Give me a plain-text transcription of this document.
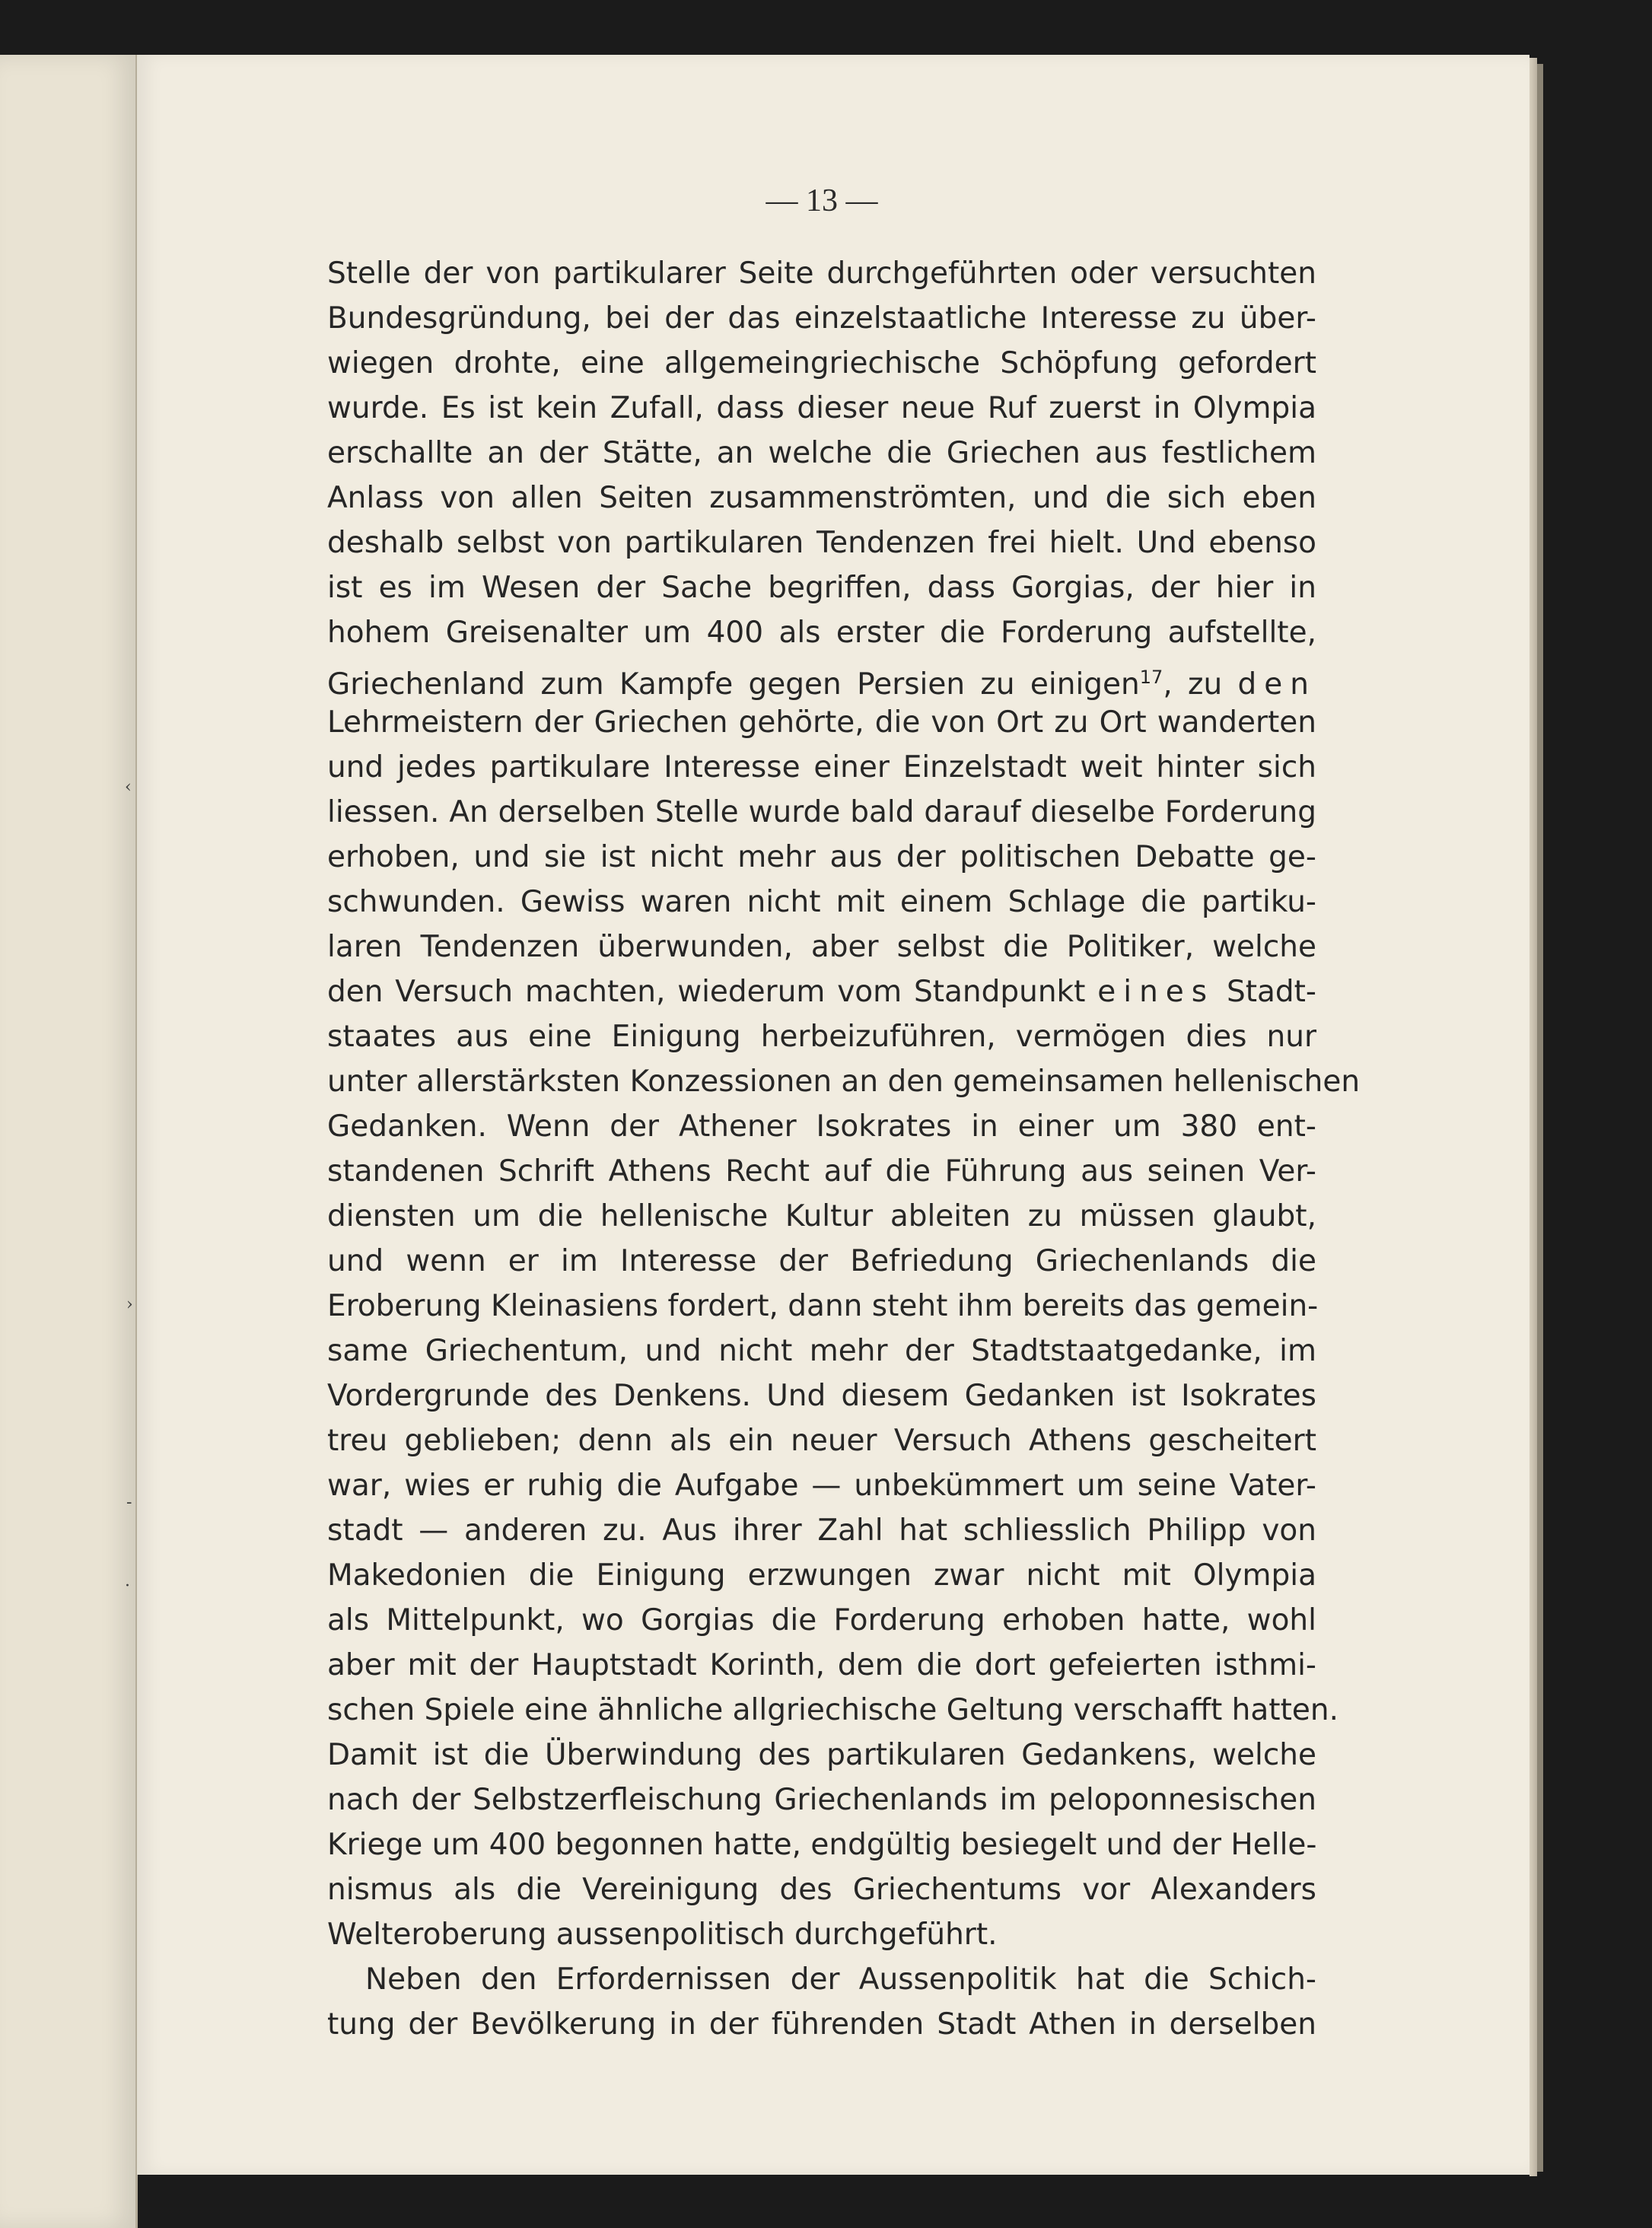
‹
›
-
·
— 13 —
Stelle der von partikularer Seite durchgeführten oder versuchten
Bundesgründung, bei der das einzelstaatliche Interesse zu über-
wiegen drohte, eine allgemeingriechische Schöpfung gefordert
wurde. Es ist kein Zufall, dass dieser neue Ruf zuerst in Olympia
erschallte an der Stätte, an welche die Griechen aus festlichem
Anlass von allen Seiten zusammenströmten, und die sich eben
deshalb selbst von partikularen Tendenzen frei hielt. Und ebenso
ist es im Wesen der Sache begriffen, dass Gorgias, der hier in
hohem Greisenalter um 400 als erster die Forderung aufstellte,
Griechenland zum Kampfe gegen Persien zu einigen$^{17}$, zu den
Lehrmeistern der Griechen gehörte, die von Ort zu Ort wanderten
und jedes partikulare Interesse einer Einzelstadt weit hinter sich
liessen. An derselben Stelle wurde bald darauf dieselbe Forderung
erhoben, und sie ist nicht mehr aus der politischen Debatte ge-
schwunden. Gewiss waren nicht mit einem Schlage die partiku-
laren Tendenzen überwunden, aber selbst die Politiker, welche
den Versuch machten, wiederum vom Standpunkt eines Stadt-
staates aus eine Einigung herbeizuführen, vermögen dies nur
unter allerstärksten Konzessionen an den gemeinsamen hellenischen
Gedanken. Wenn der Athener Isokrates in einer um 380 ent-
standenen Schrift Athens Recht auf die Führung aus seinen Ver-
diensten um die hellenische Kultur ableiten zu müssen glaubt,
und wenn er im Interesse der Befriedung Griechenlands die
Eroberung Kleinasiens fordert, dann steht ihm bereits das gemein-
same Griechentum, und nicht mehr der Stadtstaatgedanke, im
Vordergrunde des Denkens. Und diesem Gedanken ist Isokrates
treu geblieben; denn als ein neuer Versuch Athens gescheitert
war, wies er ruhig die Aufgabe — unbekümmert um seine Vater-
stadt — anderen zu. Aus ihrer Zahl hat schliesslich Philipp von
Makedonien die Einigung erzwungen zwar nicht mit Olympia
als Mittelpunkt, wo Gorgias die Forderung erhoben hatte, wohl
aber mit der Hauptstadt Korinth, dem die dort gefeierten isthmi-
schen Spiele eine ähnliche allgriechische Geltung verschafft hatten.
Damit ist die Überwindung des partikularen Gedankens, welche
nach der Selbstzerfleischung Griechenlands im peloponnesischen
Kriege um 400 begonnen hatte, endgültig besiegelt und der Helle-
nismus als die Vereinigung des Griechentums vor Alexanders
Welteroberung aussenpolitisch durchgeführt.
Neben den Erfordernissen der Aussenpolitik hat die Schich-
tung der Bevölkerung in der führenden Stadt Athen in derselben
